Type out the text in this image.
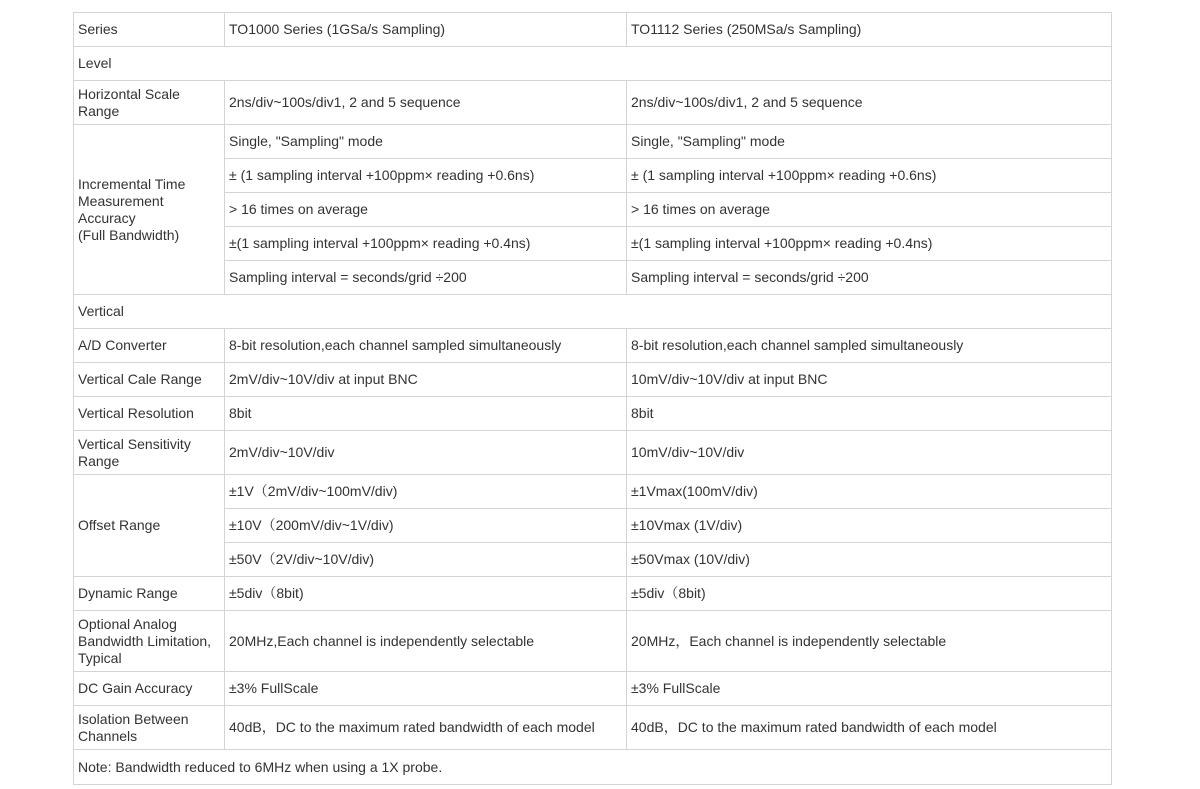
Series	TO1000 Series (1GSa/s Sampling)	TO1112 Series (250MSa/s Sampling)
Level		
Horizontal Scale Range	2ns/div~100s/div1, 2 and 5 sequence	2ns/div~100s/div1, 2 and 5 sequence
Incremental Time
Measurement
Accuracy
(Full Bandwidth)	Single, "Sampling" mode	Single, "Sampling" mode
	± (1 sampling interval +100ppm× reading +0.6ns)	± (1 sampling interval +100ppm× reading +0.6ns)
	> 16 times on average	> 16 times on average
	±(1 sampling interval +100ppm× reading +0.4ns)	±(1 sampling interval +100ppm× reading +0.4ns)
	Sampling interval = seconds/grid ÷200	Sampling interval = seconds/grid ÷200
Vertical		
A/D Converter	8-bit resolution,each channel sampled simultaneously	8-bit resolution,each channel sampled simultaneously
Vertical Cale Range	2mV/div~10V/div at input BNC	10mV/div~10V/div at input BNC
Vertical Resolution	8bit	8bit
Vertical Sensitivity Range	2mV/div~10V/div	10mV/div~10V/div
Offset Range	±1V（2mV/div~100mV/div)	±1Vmax(100mV/div)
	±10V（200mV/div~1V/div)	±10Vmax (1V/div)
	±50V（2V/div~10V/div)	±50Vmax (10V/div)
Dynamic Range	±5div（8bit)	±5div（8bit)
Optional Analog
Bandwidth Limitation,
Typical	20MHz,Each channel is independently selectable	20MHz，Each channel is independently selectable
DC Gain Accuracy	±3% FullScale	±3% FullScale
Isolation Between
Channels	40dB，DC to the maximum rated bandwidth of each model	40dB，DC to the maximum rated bandwidth of each model
Note: Bandwidth reduced to 6MHz when using a 1X probe.		
